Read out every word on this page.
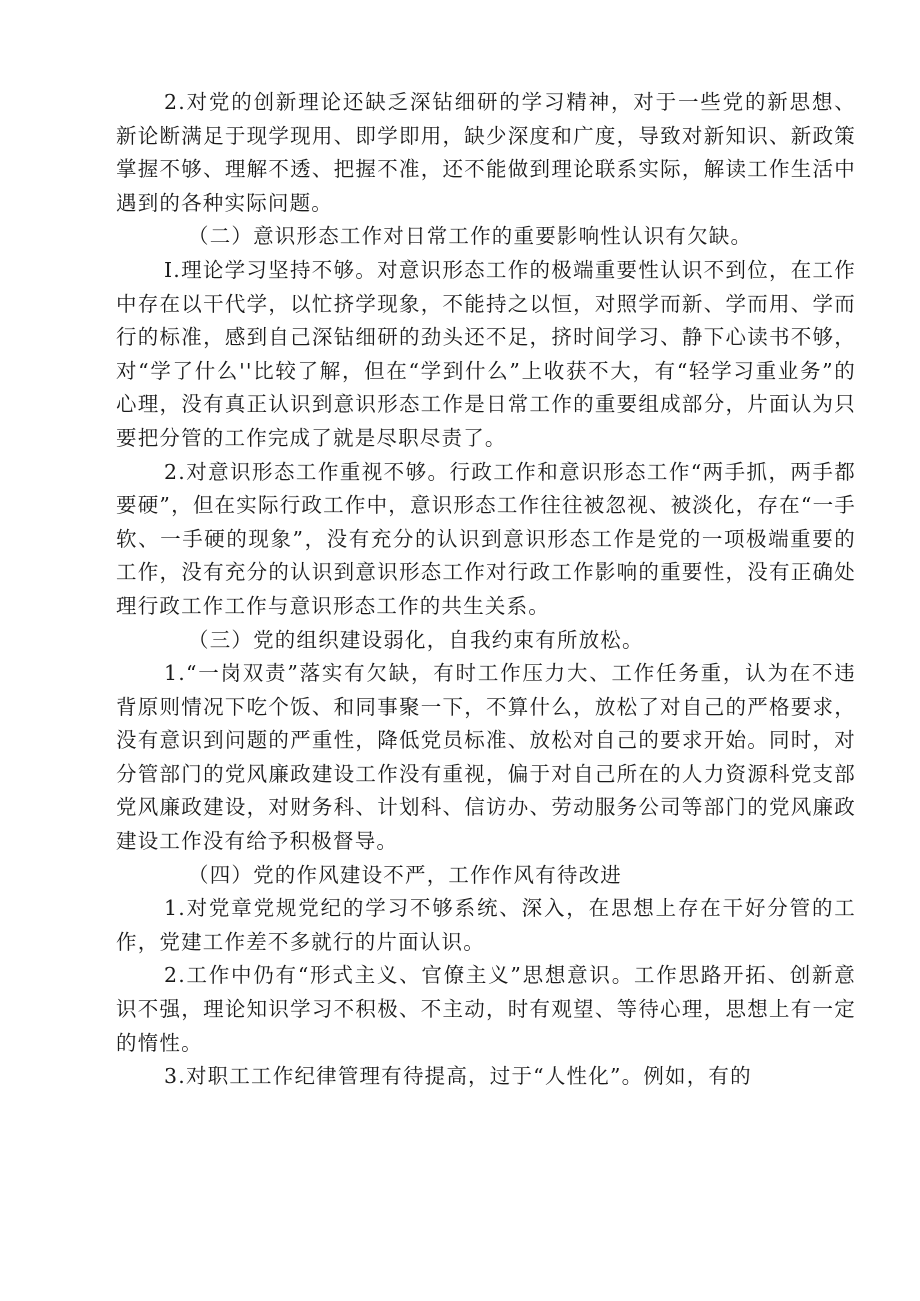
2.对党的创新理论还缺乏深钻细研的学习精神，对于一些党的新思想、新论断满足于现学现用、即学即用，缺少深度和广度，导致对新知识、新政策掌握不够、理解不透、把握不准，还不能做到理论联系实际，解读工作生活中遇到的各种实际问题。

（二）意识形态工作对日常工作的重要影响性认识有欠缺。

I.理论学习坚持不够。对意识形态工作的极端重要性认识不到位，在工作中存在以干代学，以忙挤学现象，不能持之以恒，对照学而新、学而用、学而行的标准，感到自己深钻细研的劲头还不足，挤时间学习、静下心读书不够，对“学了什么''比较了解，但在“学到什么”上收获不大，有“轻学习重业务”的心理，没有真正认识到意识形态工作是日常工作的重要组成部分，片面认为只要把分管的工作完成了就是尽职尽责了。

2.对意识形态工作重视不够。行政工作和意识形态工作“两手抓，两手都要硬”，但在实际行政工作中，意识形态工作往往被忽视、被淡化，存在“一手软、一手硬的现象”，没有充分的认识到意识形态工作是党的一项极端重要的工作，没有充分的认识到意识形态工作对行政工作影响的重要性，没有正确处理行政工作工作与意识形态工作的共生关系。

（三）党的组织建设弱化，自我约束有所放松。

1.“一岗双责”落实有欠缺，有时工作压力大、工作任务重，认为在不违背原则情况下吃个饭、和同事聚一下，不算什么，放松了对自己的严格要求，没有意识到问题的严重性，降低党员标准、放松对自己的要求开始。同时，对分管部门的党风廉政建设工作没有重视，偏于对自己所在的人力资源科党支部党风廉政建设，对财务科、计划科、信访办、劳动服务公司等部门的党风廉政建设工作没有给予积极督导。

（四）党的作风建设不严，工作作风有待改进

1.对党章党规党纪的学习不够系统、深入，在思想上存在干好分管的工作，党建工作差不多就行的片面认识。

2.工作中仍有“形式主义、官僚主义”思想意识。工作思路开拓、创新意识不强，理论知识学习不积极、不主动，时有观望、等待心理，思想上有一定的惰性。

3.对职工工作纪律管理有待提高，过于“人性化”。例如，有的
